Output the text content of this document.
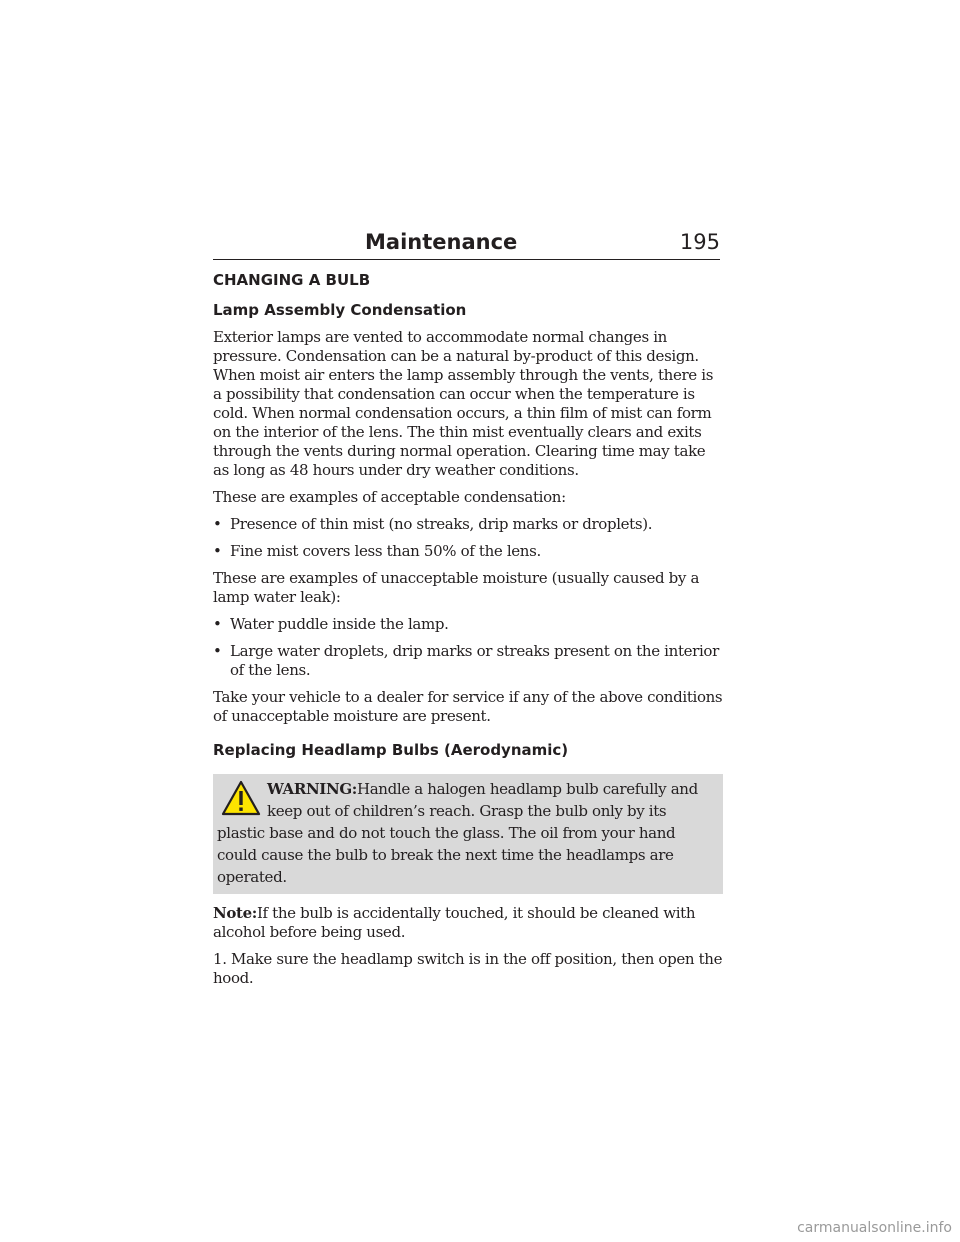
Maintenance	195
CHANGING A BULB
Lamp Assembly Condensation
Exterior lamps are vented to accommodate normal changes in pressure. Condensation can be a natural by-product of this design. When moist air enters the lamp assembly through the vents, there is a possibility that condensation can occur when the temperature is cold. When normal condensation occurs, a thin film of mist can form on the interior of the lens. The thin mist eventually clears and exits through the vents during normal operation. Clearing time may take as long as 48 hours under dry weather conditions.
These are examples of acceptable condensation:
• Presence of thin mist (no streaks, drip marks or droplets).
• Fine mist covers less than 50% of the lens.
These are examples of unacceptable moisture (usually caused by a lamp water leak):
• Water puddle inside the lamp.
• Large water droplets, drip marks or streaks present on the interior of the lens.
Take your vehicle to a dealer for service if any of the above conditions of unacceptable moisture are present.
Replacing Headlamp Bulbs (Aerodynamic)
WARNING:Handle a halogen headlamp bulb carefully and keep out of children’s reach. Grasp the bulb only by its plastic base and do not touch the glass. The oil from your hand could cause the bulb to break the next time the headlamps are operated.
Note:If the bulb is accidentally touched, it should be cleaned with alcohol before being used.
1. Make sure the headlamp switch is in the off position, then open the hood.
carmanualsonline.info
